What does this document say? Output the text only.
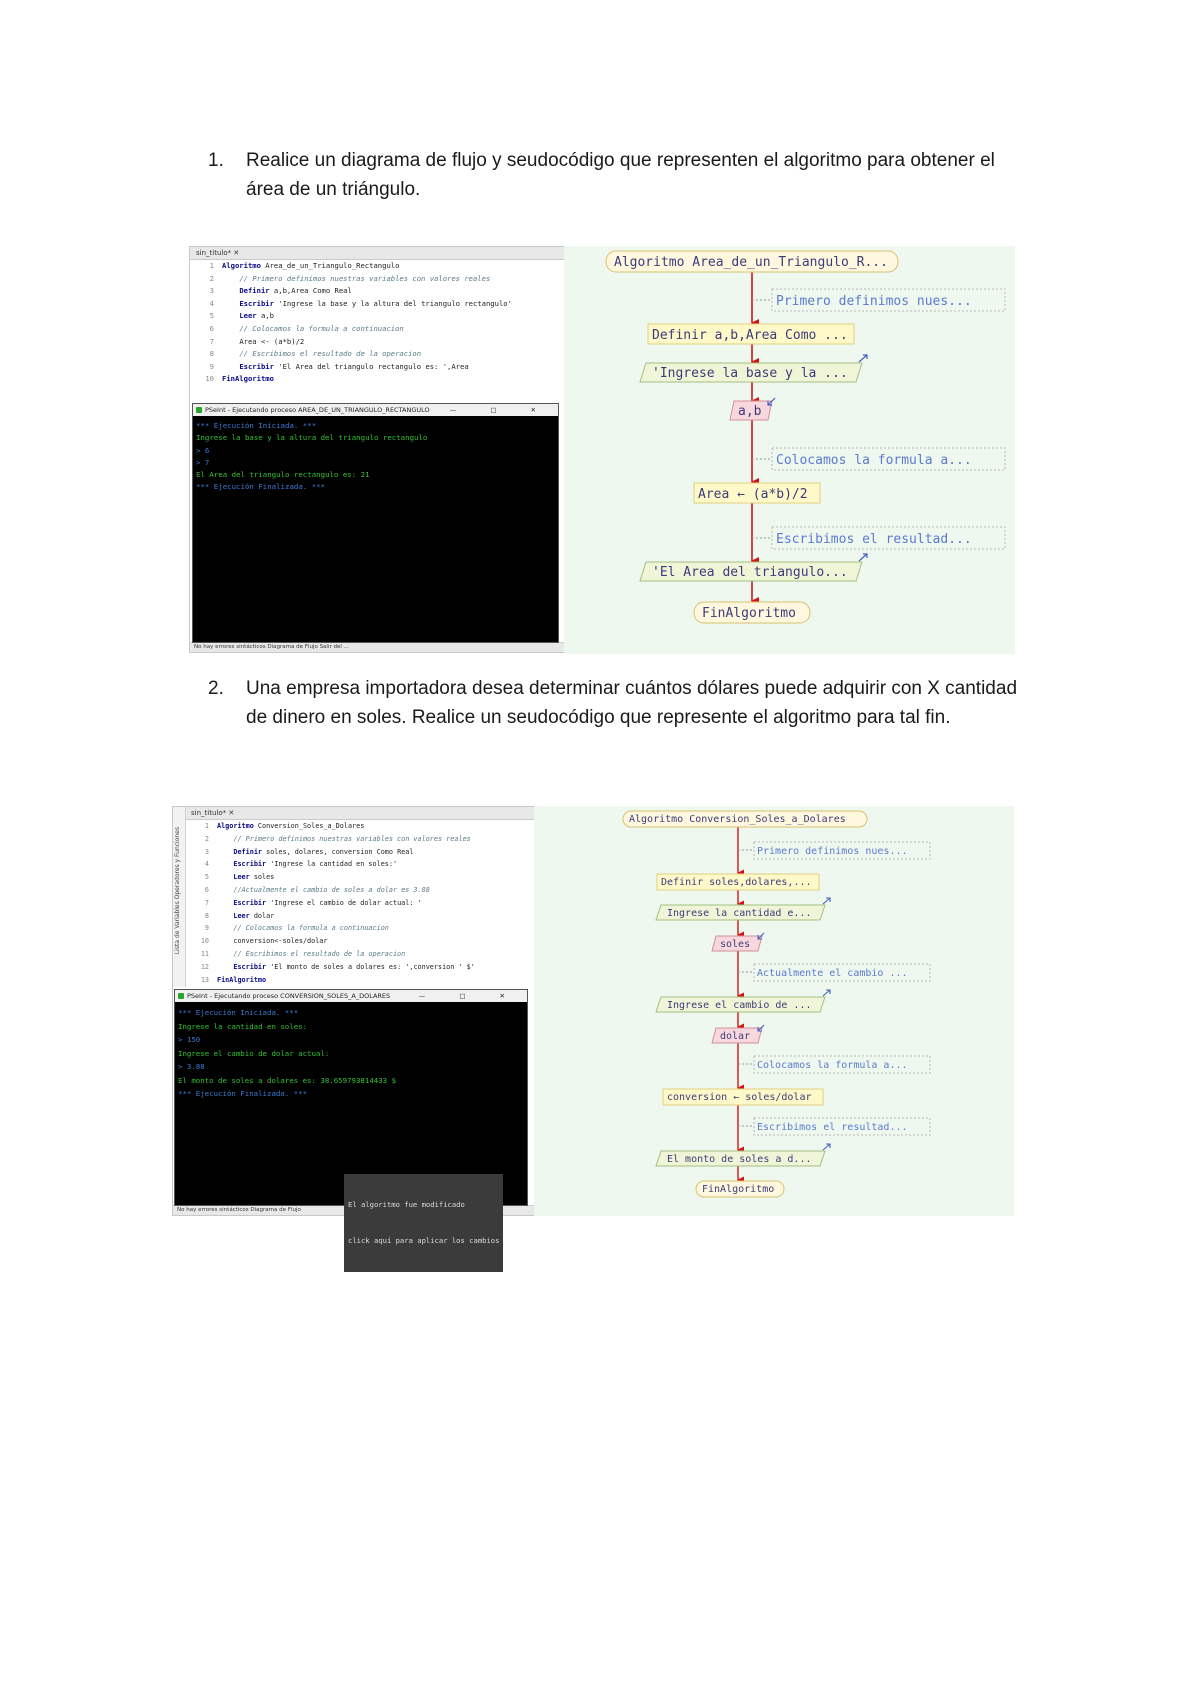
1.	Realice un diagrama de flujo y seudocódigo que representen el algoritmo para obtener el área de un triángulo.
sin_titulo* ✕
1 Algoritmo Area_de_un_Triangulo_Rectangulo
2	// Primero definimos nuestras variables con valores reales
3	Definir a,b,Area Como Real
4	Escribir 'Ingrese la base y la altura del triangulo rectangulo'
5	Leer a,b
6	// Colocamos la formula a continuacion
7	Area <- (a*b)/2
8	// Escribimos el resultado de la operacion
9	Escribir 'El Area del triangulo rectangulo es: ',Area
10 FinAlgoritmo
No hay errores sintácticos Diagrama de Flujo Salir del ...
PSeInt - Ejecutando proceso AREA_DE_UN_TRIANGULO_RECTANGULO	— □ ✕
*** Ejecución Iniciada. ***
Ingrese la base y la altura del triangulo rectangulo
> 6
> 7
El Area del triangulo rectangulo es: 21
*** Ejecución Finalizada. ***
Algoritmo Area_de_un_Triangulo_R...
Primero definimos nues...
Definir a,b,Area Como ...
'Ingrese la base y la ...
a,b
Colocamos la formula a...
Area ← (a*b)/2
Escribimos el resultad...
'El Area del triangulo...
FinAlgoritmo
2.	Una empresa importadora desea determinar cuántos dólares puede adquirir con X cantidad de dinero en soles. Realice un seudocódigo que represente el algoritmo para tal fin.
Lista de Variables Operadores y Funciones
sin_titulo* ✕
1 Algoritmo Conversion_Soles_a_Dolares
2	// Primero definimos nuestras variables con valores reales
3	Definir soles, dolares, conversion Como Real
4	Escribir 'Ingrese la cantidad en soles:'
5	Leer soles
6	//Actualmente el cambio de soles a dolar es 3.88
7	Escribir 'Ingrese el cambio de dolar actual: '
8	Leer dolar
9	// Colocamos la formula a continuacion
10	conversion<-soles/dolar
11	// Escribimos el resultado de la operacion
12	Escribir 'El monto de soles a dolares es: ',conversion ' $'
13 FinAlgoritmo
No hay errores sintácticos Diagrama de Flujo
PSeInt - Ejecutando proceso CONVERSION_SOLES_A_DOLARES	— □ ✕
*** Ejecución Iniciada. ***
Ingrese la cantidad en soles:
> 150
Ingrese el cambio de dolar actual:
> 3.88
El monto de soles a dolares es: 38.659793814433 $
*** Ejecución Finalizada. ***

El algoritmo fue modificado

click aquí para aplicar los cambios

Algoritmo Conversion_Soles_a_Dolares
Primero definimos nues...
Definir soles,dolares,...
Ingrese la cantidad e...
soles
Actualmente el cambio ...
Ingrese el cambio de ...
dolar
Colocamos la formula a...
conversion ← soles/dolar
Escribimos el resultad...
El monto de soles a d...
FinAlgoritmo
